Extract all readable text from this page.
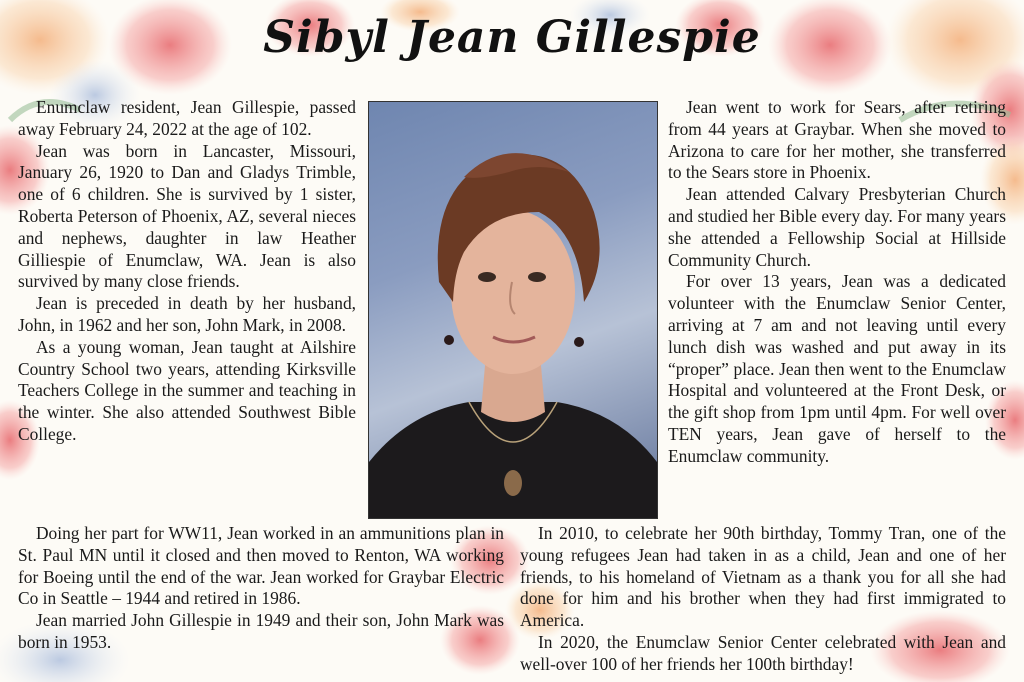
Sibyl Jean Gillespie

Enumclaw resident, Jean Gillespie, passed away February 24, 2022 at the age of 102.

Jean was born in Lancaster, Missouri, January 26, 1920 to Dan and Gladys Trimble, one of 6 children. She is survived by 1 sister, Roberta Peterson of Phoenix, AZ, several nieces and nephews, daughter in law Heather Gilliespie of Enumclaw, WA. Jean is also survived by many close friends.

Jean is preceded in death by her husband, John, in 1962 and her son, John Mark, in 2008.

As a young woman, Jean taught at Ailshire Country School two years, attending Kirksville Teachers College in the summer and teaching in the winter. She also attended Southwest Bible College.

Jean went to work for Sears, after retiring from 44 years at Graybar. When she moved to Arizona to care for her mother, she transferred to the Sears store in Phoenix.

Jean attended Calvary Presbyterian Church and studied her Bible every day. For many years she attended a Fellowship Social at Hillside Community Church.

For over 13 years, Jean was a dedicated volunteer with the Enumclaw Senior Center, arriving at 7 am and not leaving until every lunch dish was washed and put away in its “proper” place. Jean then went to the Enumclaw Hospital and volunteered at the Front Desk, or the gift shop from 1pm until 4pm. For well over TEN years, Jean gave of herself to the Enumclaw community.

Doing her part for WW11, Jean worked in an ammunitions plan in St. Paul MN until it closed and then moved to Renton, WA working for Boeing until the end of the war. Jean worked for Graybar Electric Co in Seattle – 1944 and retired in 1986.

Jean married John Gillespie in 1949 and their son, John Mark was born in 1953.

In 2010, to celebrate her 90th birthday, Tommy Tran, one of the young refugees Jean had taken in as a child, Jean and one of her friends, to his homeland of Vietnam as a thank you for all she had done for him and his brother when they had first immigrated to America.

In 2020, the Enumclaw Senior Center celebrated with Jean and well-over 100 of her friends her 100th birthday!
